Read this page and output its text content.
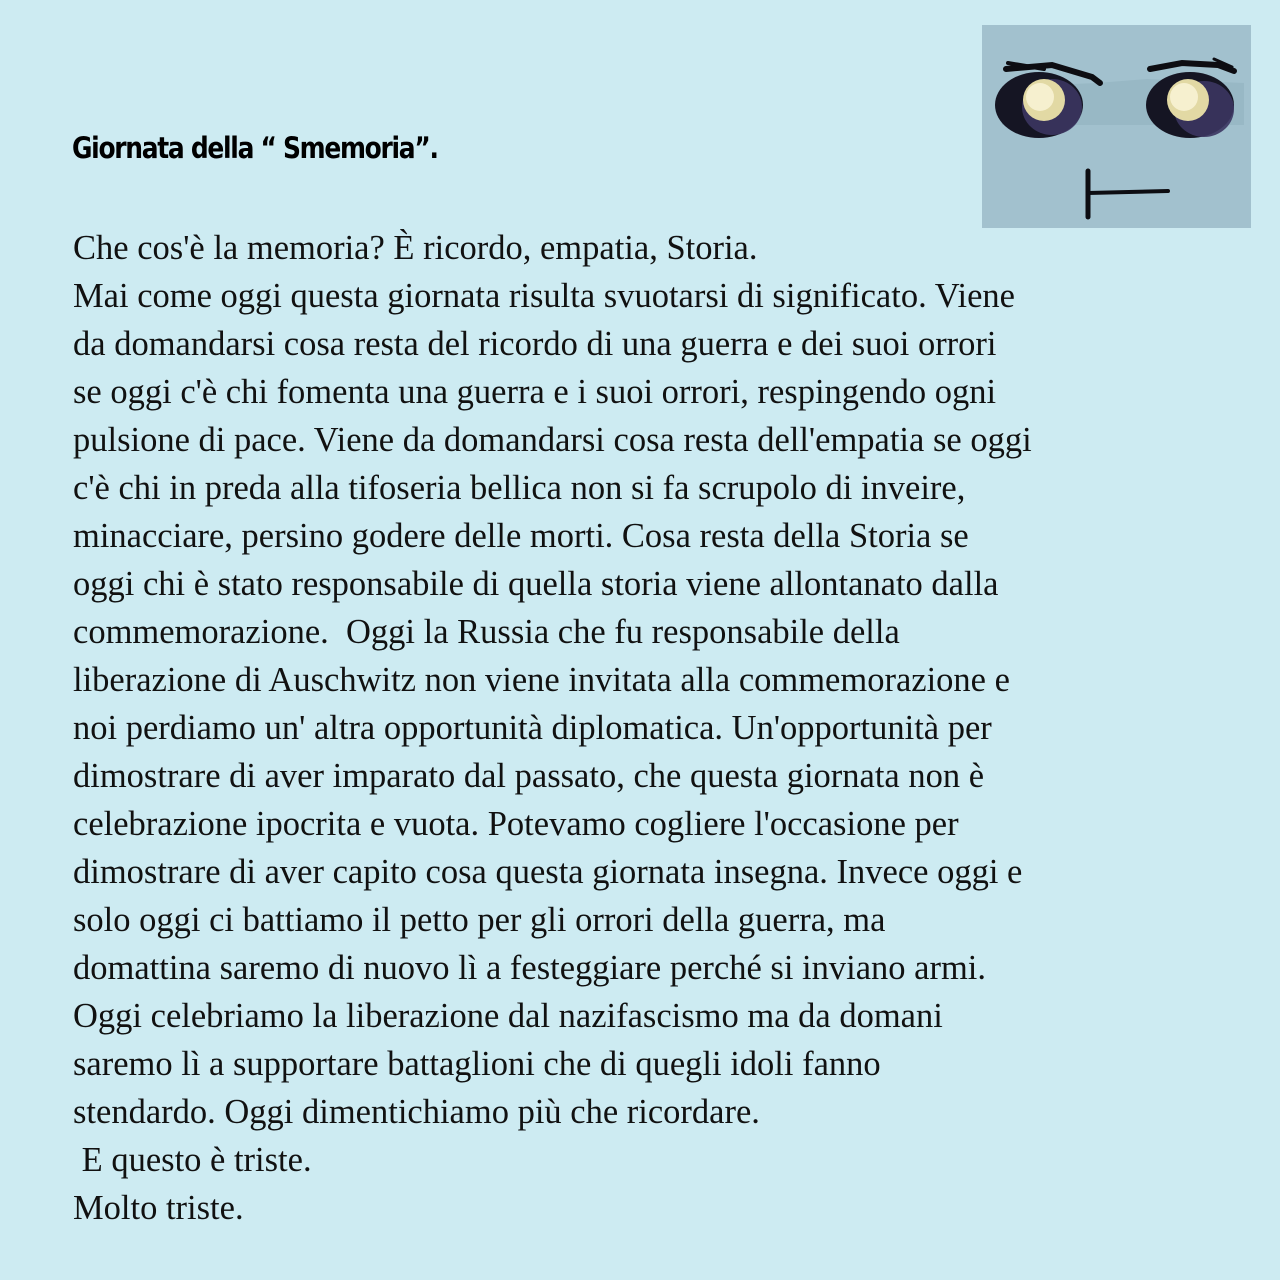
Giornata della “ Smemoria”.
Che cos'è la memoria? È ricordo, empatia, Storia.
Mai come oggi questa giornata risulta svuotarsi di significato. Viene
da domandarsi cosa resta del ricordo di una guerra e dei suoi orrori
se oggi c'è chi fomenta una guerra e i suoi orrori, respingendo ogni
pulsione di pace. Viene da domandarsi cosa resta dell'empatia se oggi
c'è chi in preda alla tifoseria bellica non si fa scrupolo di inveire,
minacciare, persino godere delle morti. Cosa resta della Storia se
oggi chi è stato responsabile di quella storia viene allontanato dalla
commemorazione.  Oggi la Russia che fu responsabile della
liberazione di Auschwitz non viene invitata alla commemorazione e
noi perdiamo un' altra opportunità diplomatica. Un'opportunità per
dimostrare di aver imparato dal passato, che questa giornata non è
celebrazione ipocrita e vuota. Potevamo cogliere l'occasione per
dimostrare di aver capito cosa questa giornata insegna. Invece oggi e
solo oggi ci battiamo il petto per gli orrori della guerra, ma
domattina saremo di nuovo lì a festeggiare perché si inviano armi.
Oggi celebriamo la liberazione dal nazifascismo ma da domani
saremo lì a supportare battaglioni che di quegli idoli fanno
stendardo. Oggi dimentichiamo più che ricordare.
E questo è triste.
Molto triste.
